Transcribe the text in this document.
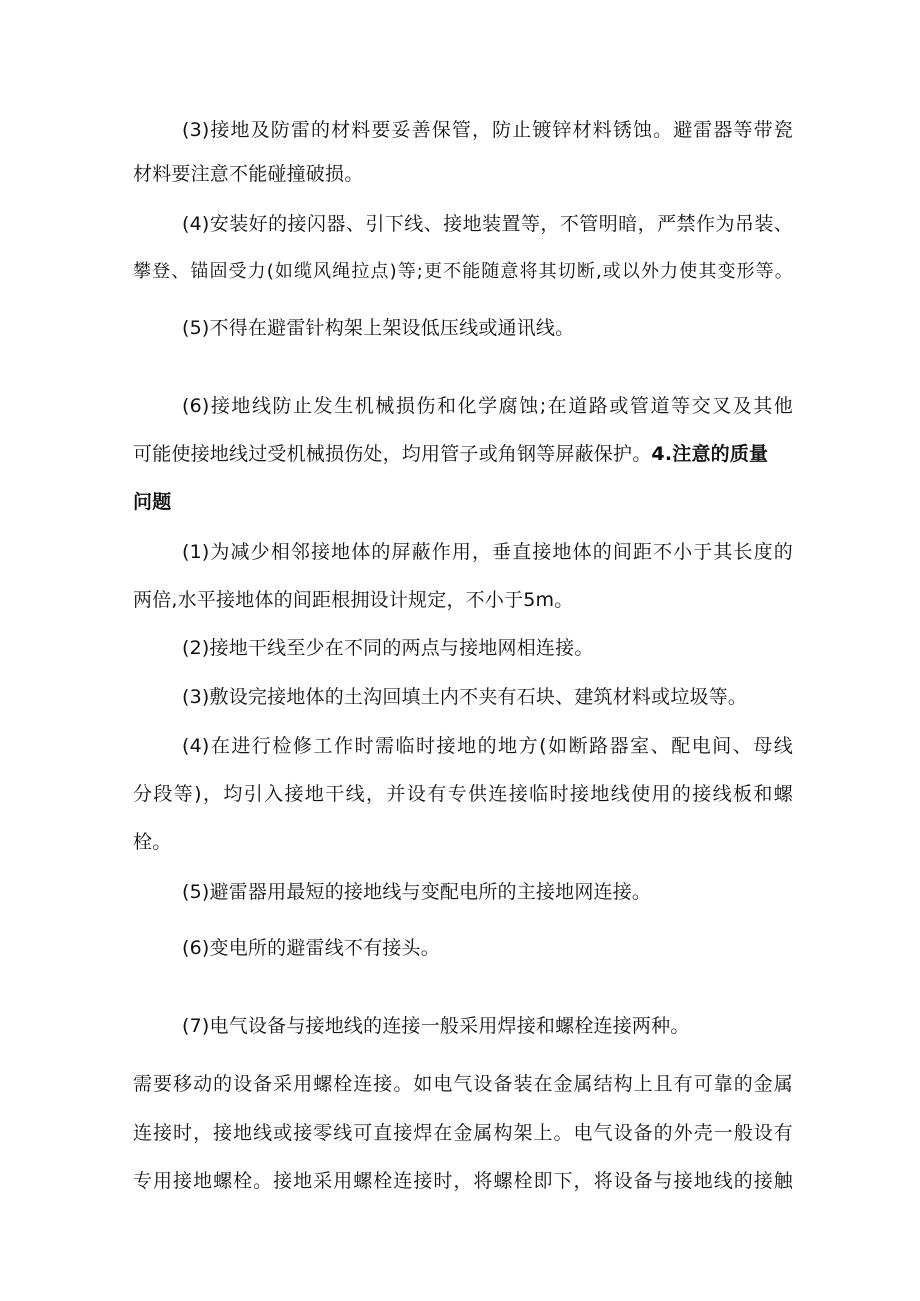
(3)接地及防雷的材料要妥善保管，防止镀锌材料锈蚀。避雷器等带瓷
材料要注意不能碰撞破损。
(4)安装好的接闪器、引下线、接地装置等，不管明暗，严禁作为吊装、
攀登、锚固受力(如缆风绳拉点)等;更不能随意将其切断,或以外力使其变形等。
(5)不得在避雷针构架上架设低压线或通讯线。
(6)接地线防止发生机械损伤和化学腐蚀;在道路或管道等交叉及其他
可能使接地线过受机械损伤处，均用管子或角钢等屏蔽保护。4.注意的质量
问题
(1)为减少相邻接地体的屏蔽作用，垂直接地体的间距不小于其长度的
两倍,水平接地体的间距根拥设计规定，不小于5m。
(2)接地干线至少在不同的两点与接地网相连接。
(3)敷设完接地体的土沟回填土内不夹有石块、建筑材料或垃圾等。
(4)在进行检修工作时需临时接地的地方(如断路器室、配电间、母线
分段等)，均引入接地干线，并设有专供连接临时接地线使用的接线板和螺
栓。
(5)避雷器用最短的接地线与变配电所的主接地网连接。
(6)变电所的避雷线不有接头。
(7)电气设备与接地线的连接一般采用焊接和螺栓连接两种。
需要移动的设备采用螺栓连接。如电气设备装在金属结构上且有可靠的金属
连接时，接地线或接零线可直接焊在金属构架上。电气设备的外壳一般设有
专用接地螺栓。接地采用螺栓连接时，将螺栓即下，将设备与接地线的接触
